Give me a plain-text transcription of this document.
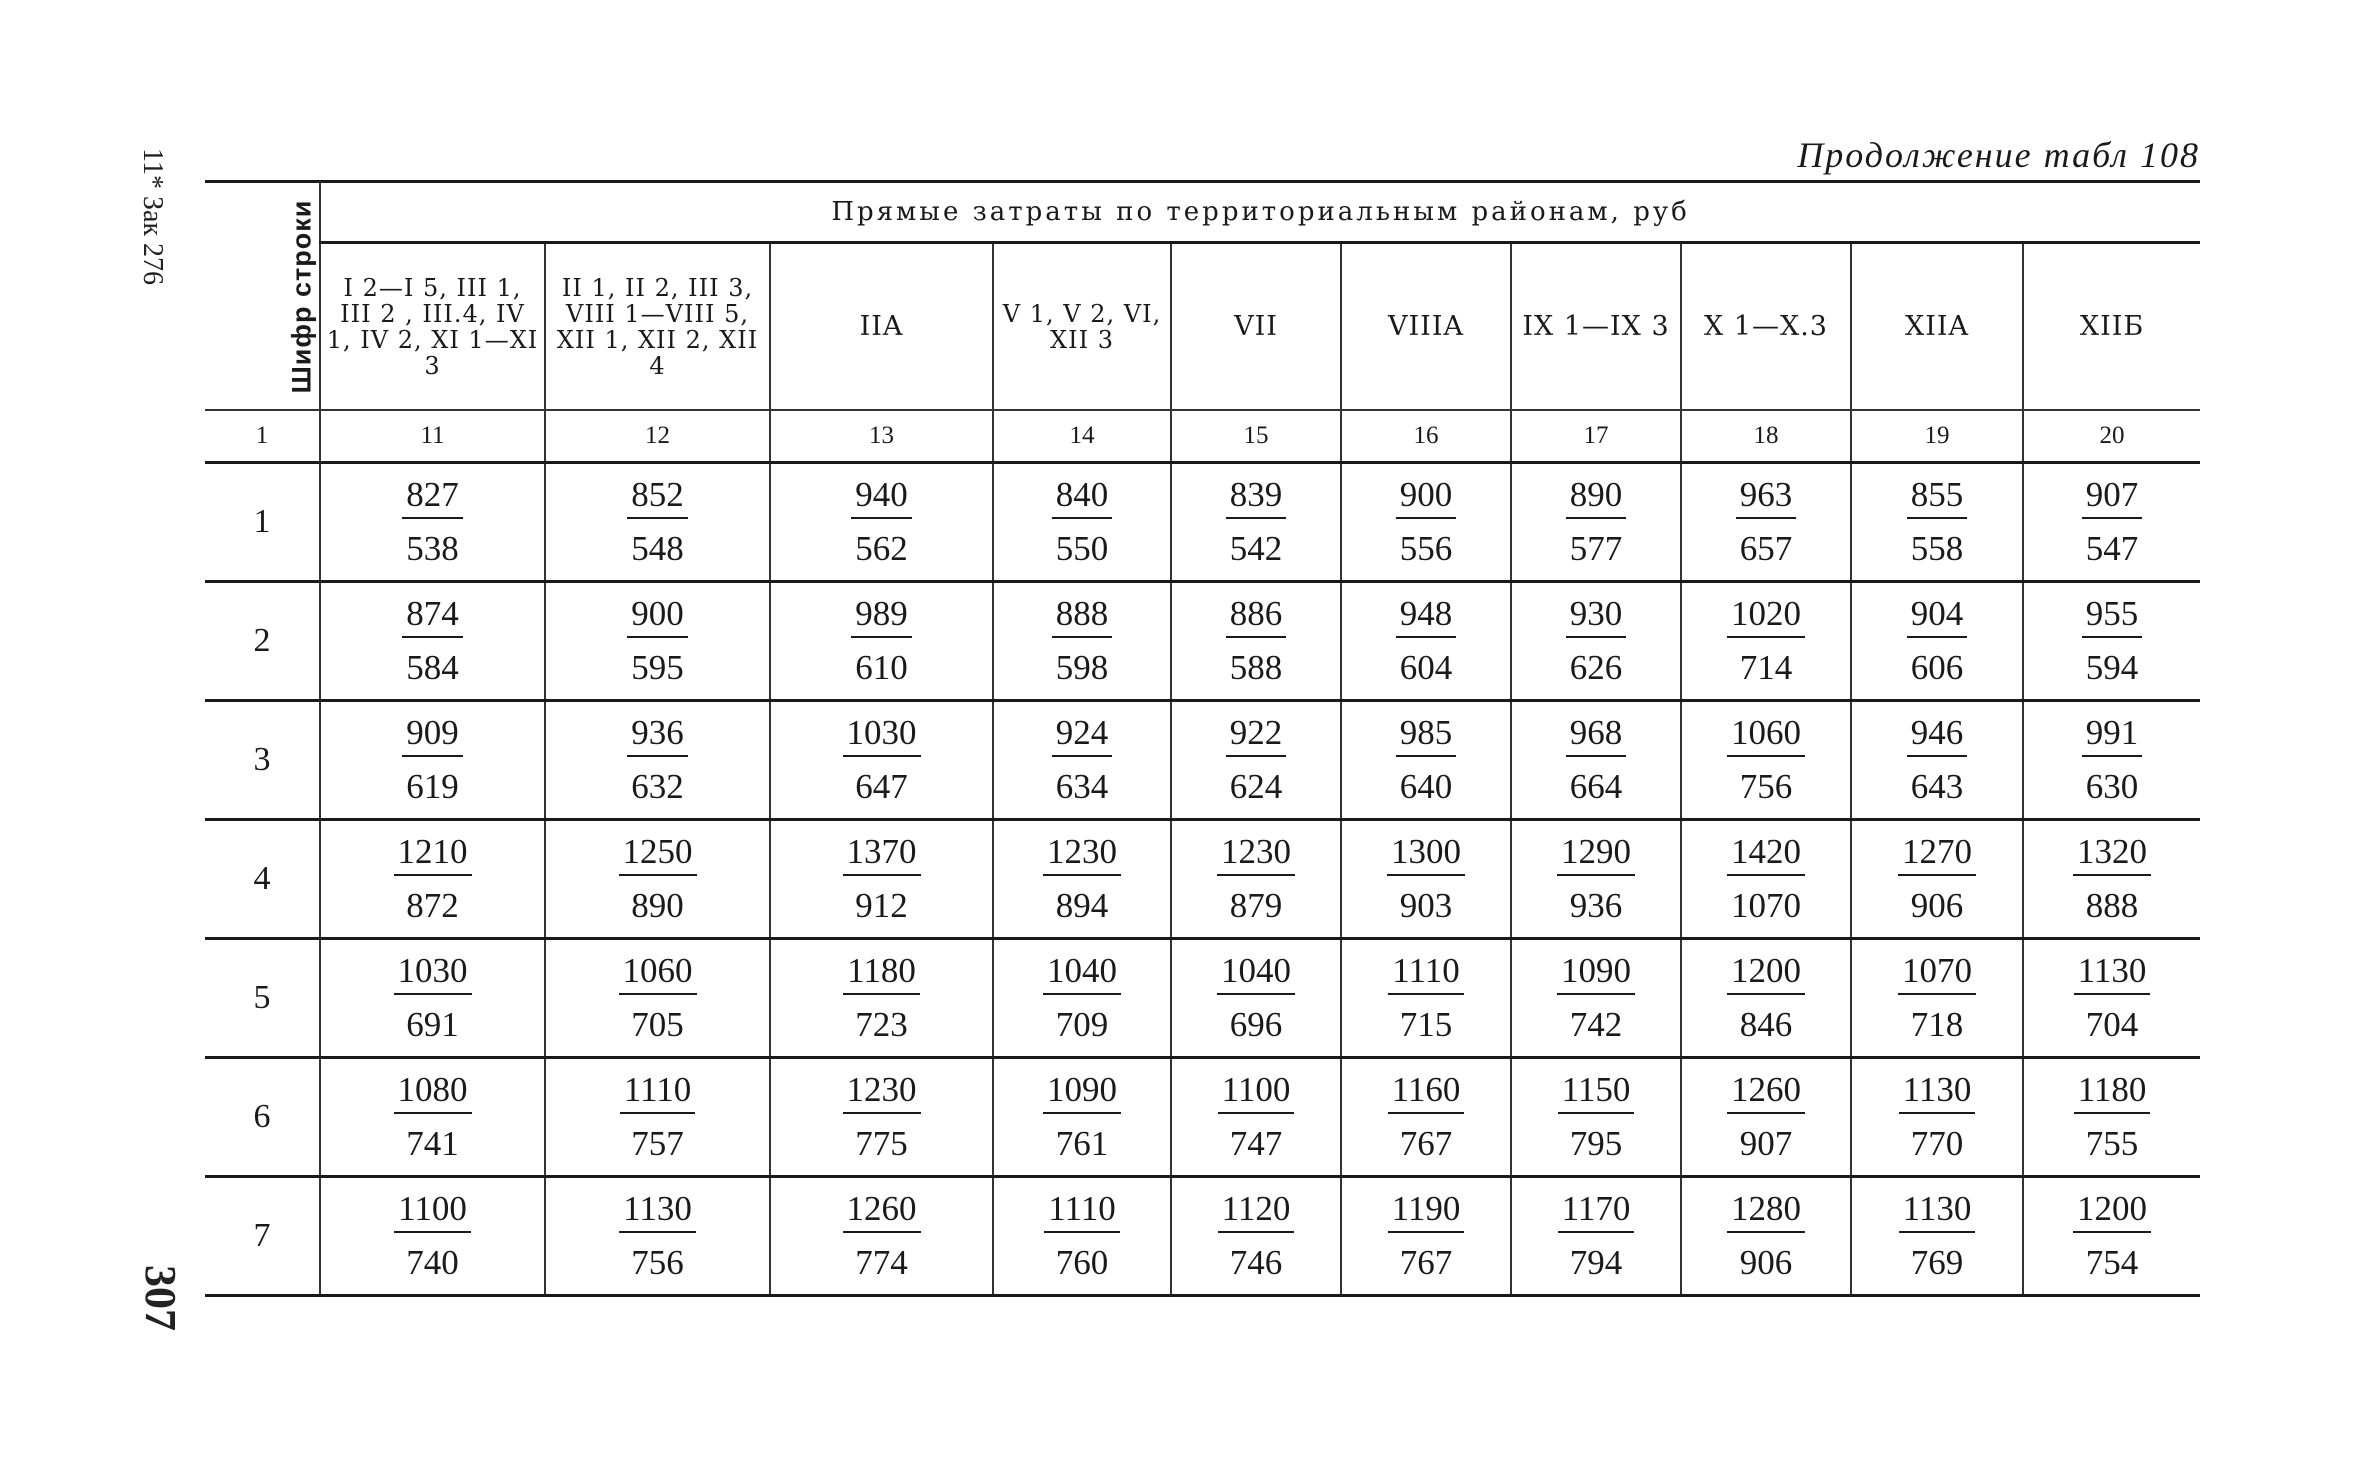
11* Зак 276
307
Продолжение табл 108
Шифр строки	Прямые затраты по территориальным районам, руб									
	I 2—I 5, III 1, III 2 , III.4, IV 1, IV 2, XI 1—XI 3	II 1, II 2, III 3, VIII 1—VIII 5, XII 1, XII 2, XII 4	IIA	V 1, V 2, VI, XII 3	VII	VIIIA	IX 1—IX 3	X 1—X.3	XIIA	XIIБ
1	11	12	13	14	15	16	17	18	19	20
1	$\frac{827}{538}$	$\frac{852}{548}$	$\frac{940}{562}$	$\frac{840}{550}$	$\frac{839}{542}$	$\frac{900}{556}$	$\frac{890}{577}$	$\frac{963}{657}$	$\frac{855}{558}$	$\frac{907}{547}$

2	$\frac{874}{584}$	$\frac{900}{595}$	$\frac{989}{610}$	$\frac{888}{598}$	$\frac{886}{588}$	$\frac{948}{604}$	$\frac{930}{626}$	$\frac{1020}{714}$	$\frac{904}{606}$	$\frac{955}{594}$

3	$\frac{909}{619}$	$\frac{936}{632}$	$\frac{1030}{647}$	$\frac{924}{634}$	$\frac{922}{624}$	$\frac{985}{640}$	$\frac{968}{664}$	$\frac{1060}{756}$	$\frac{946}{643}$	$\frac{991}{630}$

4	$\frac{1210}{872}$	$\frac{1250}{890}$	$\frac{1370}{912}$	$\frac{1230}{894}$	$\frac{1230}{879}$	$\frac{1300}{903}$	$\frac{1290}{936}$	$\frac{1420}{1070}$	$\frac{1270}{906}$	$\frac{1320}{888}$

5	$\frac{1030}{691}$	$\frac{1060}{705}$	$\frac{1180}{723}$	$\frac{1040}{709}$	$\frac{1040}{696}$	$\frac{1110}{715}$	$\frac{1090}{742}$	$\frac{1200}{846}$	$\frac{1070}{718}$	$\frac{1130}{704}$

6	$\frac{1080}{741}$	$\frac{1110}{757}$	$\frac{1230}{775}$	$\frac{1090}{761}$	$\frac{1100}{747}$	$\frac{1160}{767}$	$\frac{1150}{795}$	$\frac{1260}{907}$	$\frac{1130}{770}$	$\frac{1180}{755}$

7	$\frac{1100}{740}$	$\frac{1130}{756}$	$\frac{1260}{774}$	$\frac{1110}{760}$	$\frac{1120}{746}$	$\frac{1190}{767}$	$\frac{1170}{794}$	$\frac{1280}{906}$	$\frac{1130}{769}$	$\frac{1200}{754}$
